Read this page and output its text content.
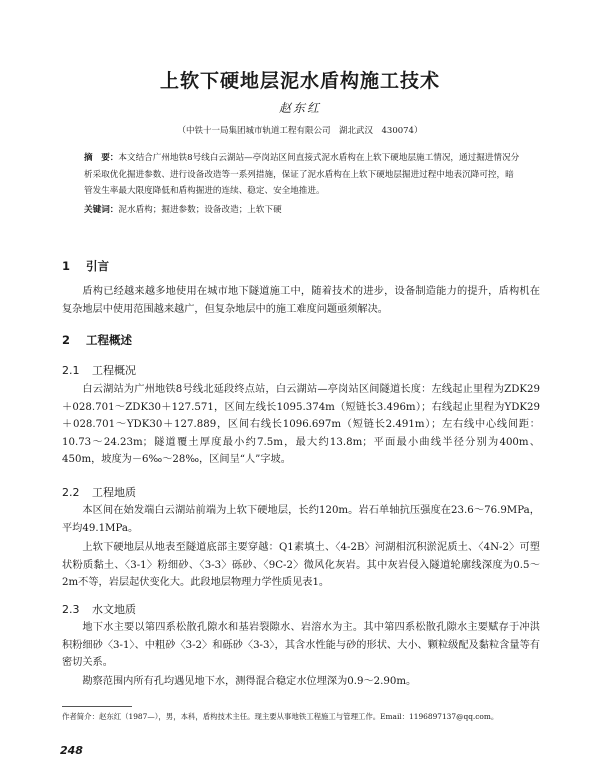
上软下硬地层泥水盾构施工技术
赵东红
（中铁十一局集团城市轨道工程有限公司　湖北武汉　430074）
摘　要：本文结合广州地铁8号线白云湖站—亭岗站区间直接式泥水盾构在上软下硬地层施工情况，通过掘进情况分析采取优化掘进参数、进行设备改造等一系列措施，保证了泥水盾构在上软下硬地层掘进过程中地表沉降可控，暗管发生率最大限度降低和盾构掘进的连续、稳定、安全地推进。
关键词：泥水盾构；掘进参数；设备改造；上软下硬
1 引言
盾构已经越来越多地使用在城市地下隧道施工中，随着技术的进步，设备制造能力的提升，盾构机在复杂地层中使用范围越来越广，但复杂地层中的施工难度问题亟须解决。
2 工程概述
2.1 工程概况
白云湖站为广州地铁8号线北延段终点站，白云湖站—亭岗站区间隧道长度：左线起止里程为ZDK29＋028.701～ZDK30＋127.571，区间左线长1095.374m（短链长3.496m）；右线起止里程为YDK29＋028.701～YDK30＋127.889，区间右线长1096.697m（短链长2.491m）；左右线中心线间距：10.73～24.23m；隧道覆土厚度最小约7.5m，最大约13.8m；平面最小曲线半径分别为400m、450m，坡度为－6‰～28‰，区间呈“人”字坡。
2.2 工程地质
本区间在始发端白云湖站前端为上软下硬地层，长约120m。岩石单轴抗压强度在23.6～76.9MPa，平均49.1MPa。
上软下硬地层从地表至隧道底部主要穿越：Q1素填土、〈4-2B〉河湖相沉积淤泥质土、〈4N-2〉可塑状粉质黏土、〈3-1〉粉细砂、〈3-3〉砾砂、〈9C-2〉微风化灰岩。其中灰岩侵入隧道轮廓线深度为0.5～2m不等，岩层起伏变化大。此段地层物理力学性质见表1。
2.3 水文地质
地下水主要以第四系松散孔隙水和基岩裂隙水、岩溶水为主。其中第四系松散孔隙水主要赋存于冲洪积粉细砂〈3-1〉、中粗砂〈3-2〉和砾砂〈3-3〉，其含水性能与砂的形状、大小、颗粒级配及黏粒含量等有密切关系。
勘察范围内所有孔均遇见地下水，测得混合稳定水位埋深为0.9～2.90m。
作者简介：赵东红（1987—），男，本科，盾构技术主任。现主要从事地铁工程施工与管理工作。Email：1196897137@qq.com。
248
